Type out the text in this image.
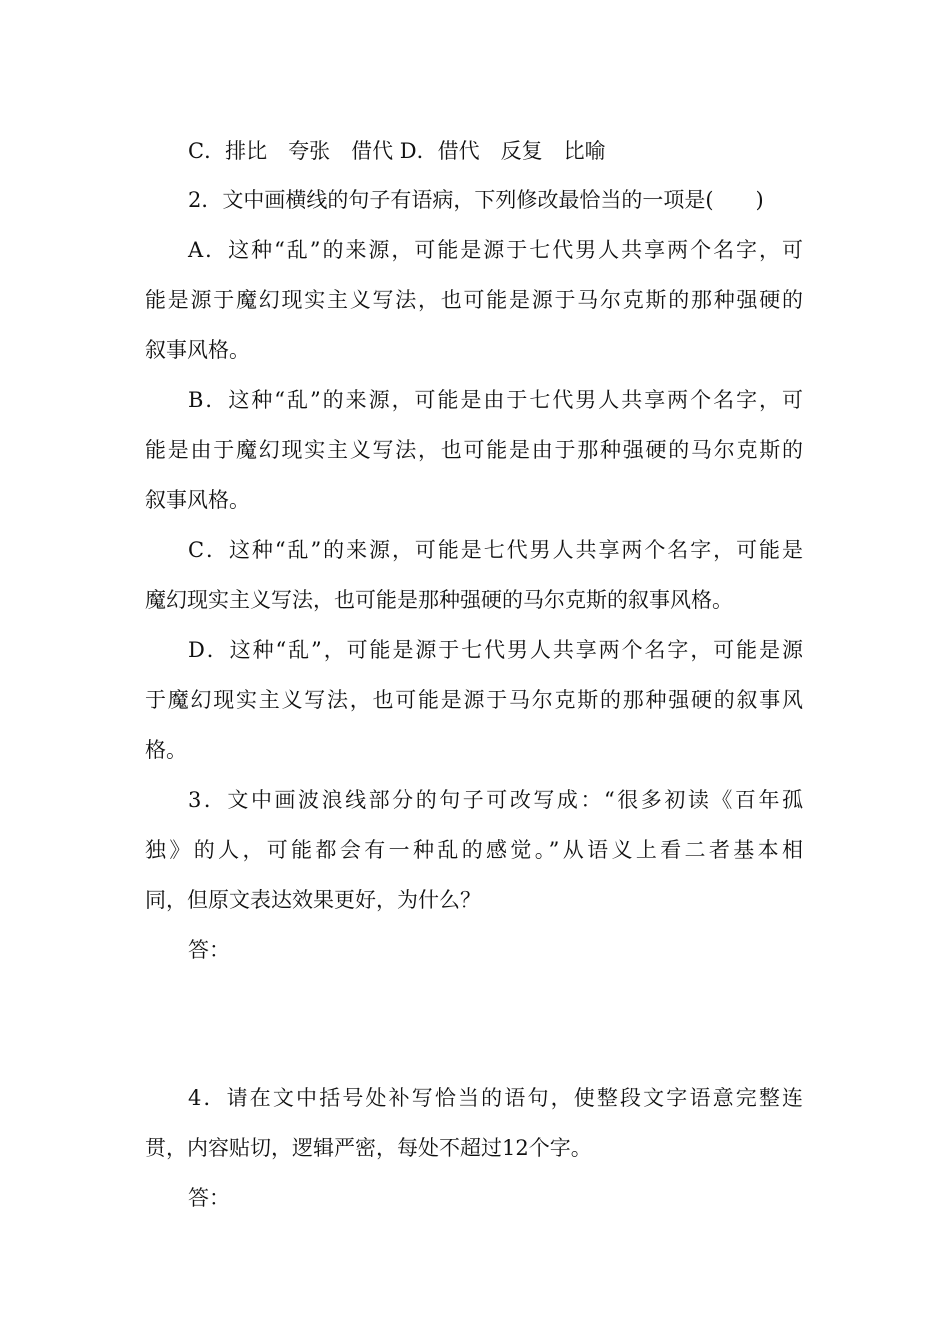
C．排比　夸张　借代 D．借代　反复　比喻
2．文中画横线的句子有语病，下列修改最恰当的一项是(　　)
A．这种“乱”的来源，可能是源于七代男人共享两个名字，可
能是源于魔幻现实主义写法，也可能是源于马尔克斯的那种强硬的
叙事风格。
B．这种“乱”的来源，可能是由于七代男人共享两个名字，可
能是由于魔幻现实主义写法，也可能是由于那种强硬的马尔克斯的
叙事风格。
C．这种“乱”的来源，可能是七代男人共享两个名字，可能是
魔幻现实主义写法，也可能是那种强硬的马尔克斯的叙事风格。
D．这种“乱”，可能是源于七代男人共享两个名字，可能是源
于魔幻现实主义写法，也可能是源于马尔克斯的那种强硬的叙事风
格。
3．文中画波浪线部分的句子可改写成：“很多初读《百年孤
独》的人，可能都会有一种乱的感觉。”从语义上看二者基本相
同，但原文表达效果更好，为什么？
答：
4．请在文中括号处补写恰当的语句，使整段文字语意完整连
贯，内容贴切，逻辑严密，每处不超过12个字。
答：
